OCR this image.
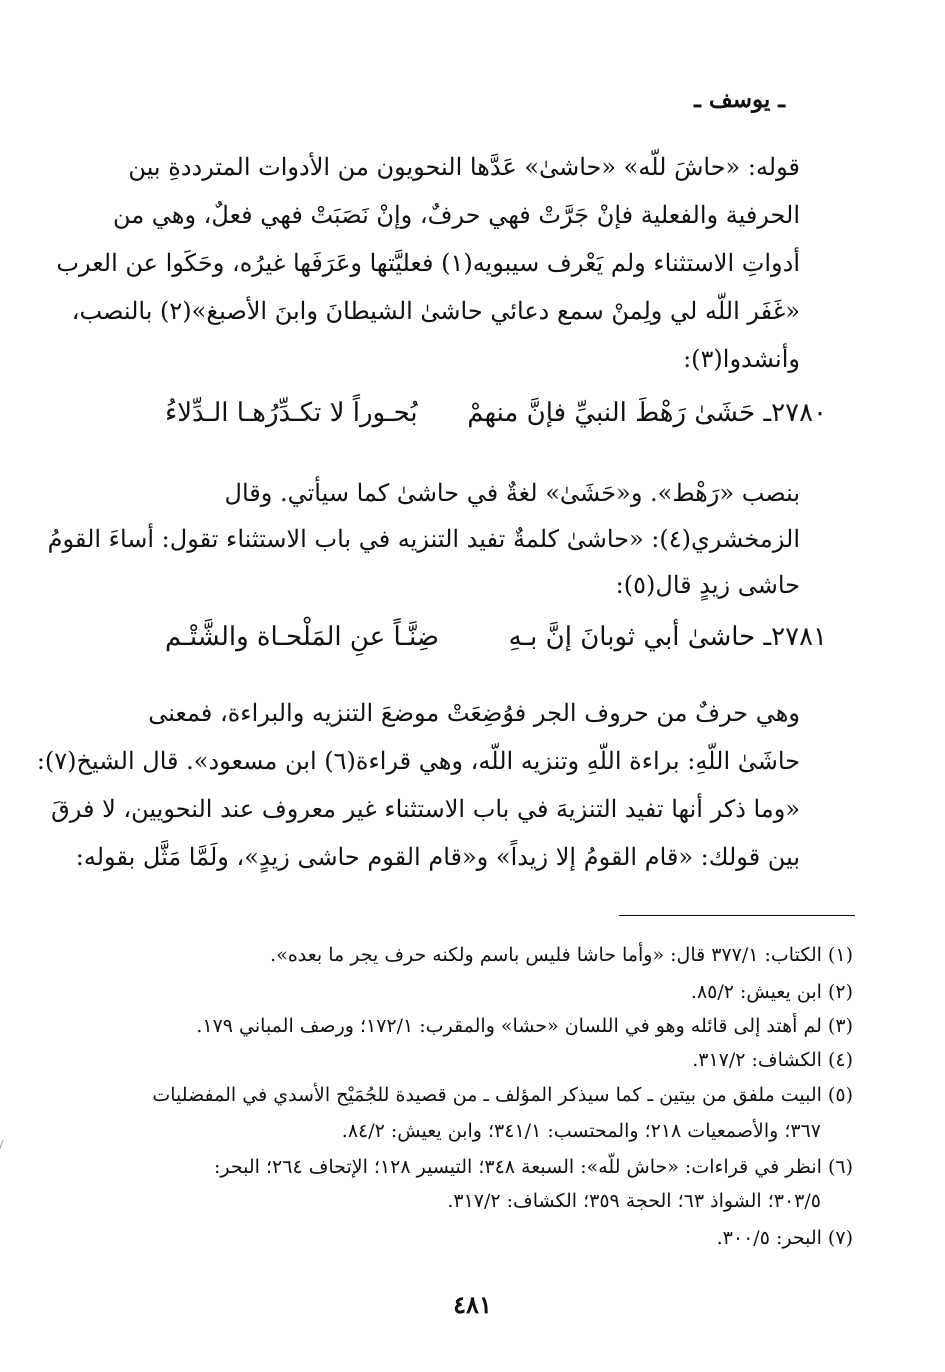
ـ يوسف ـ
قوله: «حاشَ للّه» «حاشىٰ» عَدَّها النحويون من الأدوات المترددةِ بين
الحرفية والفعلية فإنْ جَرَّتْ فهي حرفٌ، وإنْ نَصَبَتْ فهي فعلٌ، وهي من
أدواتِ الاستثناء ولم يَعْرف سيبويه(١) فعليَّتها وعَرَفَها غيرُه، وحَكَوا عن العرب
«غَفَر اللّه لي ولِمنْ سمع دعائي حاشىٰ الشيطانَ وابنَ الأصبغ»(٢) بالنصب،
وأنشدوا(٣):
٢٧٨٠ـ حَشَىٰ رَهْطَ النبيِّ فإنَّ منهمْ
بُحـوراً لا تكـدِّرُهـا الـدِّلاءُ
بنصب «رَهْط». و«حَشَىٰ» لغةٌ في حاشىٰ كما سيأتي. وقال
الزمخشري(٤): «حاشىٰ كلمةٌ تفيد التنزيه في باب الاستثناء تقول: أساءَ القومُ
حاشى زيدٍ قال(٥):
٢٧٨١ـ حاشىٰ أبي ثوبانَ إنَّ بـهِ
ضِنَّـاً عنِ المَلْحـاة والشَّتْـم
وهي حرفٌ من حروف الجر فوُضِعَتْ موضعَ التنزيه والبراءة، فمعنى
حاشَىٰ اللّهِ: براءة اللّهِ وتنزيه اللّه، وهي قراءة(٦) ابن مسعود». قال الشيخ(٧):
«وما ذكر أنها تفيد التنزيهَ في باب الاستثناء غير معروف عند النحويين، لا فرقَ
بين قولك: «قام القومُ إلا زيداً» و«قام القوم حاشى زيدٍ»، ولَمَّا مَثَّل بقوله:
(١) الكتاب: ٣٧٧/١ قال: «وأما حاشا فليس باسم ولكنه حرف يجر ما بعده».
(٢) ابن يعيش: ٨٥/٢.
(٣) لم أهتد إلى قائله وهو في اللسان «حشا» والمقرب: ١٧٢/١؛ ورصف المباني ١٧٩.
(٤) الكشاف: ٣١٧/٢.
(٥) البيت ملفق من بيتين ـ كما سيذكر المؤلف ـ من قصيدة للجُمَيْح الأسدي في المفضليات
٣٦٧؛ والأصمعيات ٢١٨؛ والمحتسب: ٣٤١/١؛ وابن يعيش: ٨٤/٢.
(٦) انظر في قراءات: «حاش للّه»: السبعة ٣٤٨؛ التيسير ١٢٨؛ الإتحاف ٢٦٤؛ البحر:
٣٠٣/٥؛ الشواذ ٦٣؛ الحجة ٣٥٩؛ الكشاف: ٣١٧/٢.
(٧) البحر: ٣٠٠/٥.
٤٨١
